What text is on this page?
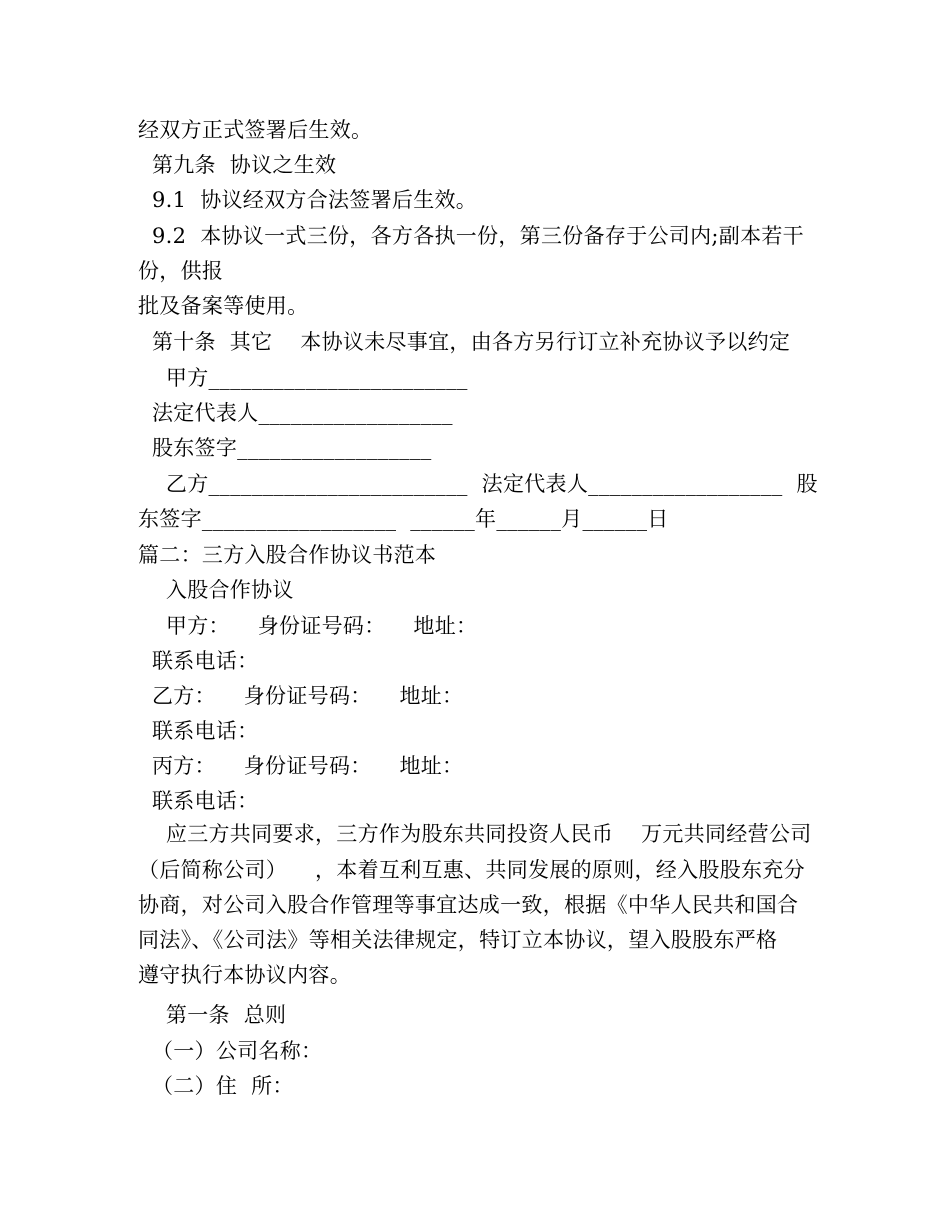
经双方正式签署后生效。
第九条  协议之生效
9.1  协议经双方合法签署后生效。
9.2  本协议一式三份，各方各执一份，第三份备存于公司内;副本若干
份，供报
批及备案等使用。
第十条  其它    本协议未尽事宜，由各方另行订立补充协议予以约定
甲方________________________
法定代表人__________________
股东签字__________________
乙方________________________  法定代表人__________________  股
东签字__________________  ______年______月______日
篇二：三方入股合作协议书范本
入股合作协议
甲方：    身份证号码：    地址：
联系电话：
乙方：    身份证号码：    地址：
联系电话：
丙方：    身份证号码：    地址：
联系电话：
应三方共同要求，三方作为股东共同投资人民币    万元共同经营公司
（后简称公司）    ，本着互利互惠、共同发展的原则，经入股股东充分
协商，对公司入股合作管理等事宜达成一致，根据《中华人民共和国合
同法》、《公司法》等相关法律规定，特订立本协议，望入股股东严格
遵守执行本协议内容。
第一条  总则
（一）公司名称：
（二）住  所：
